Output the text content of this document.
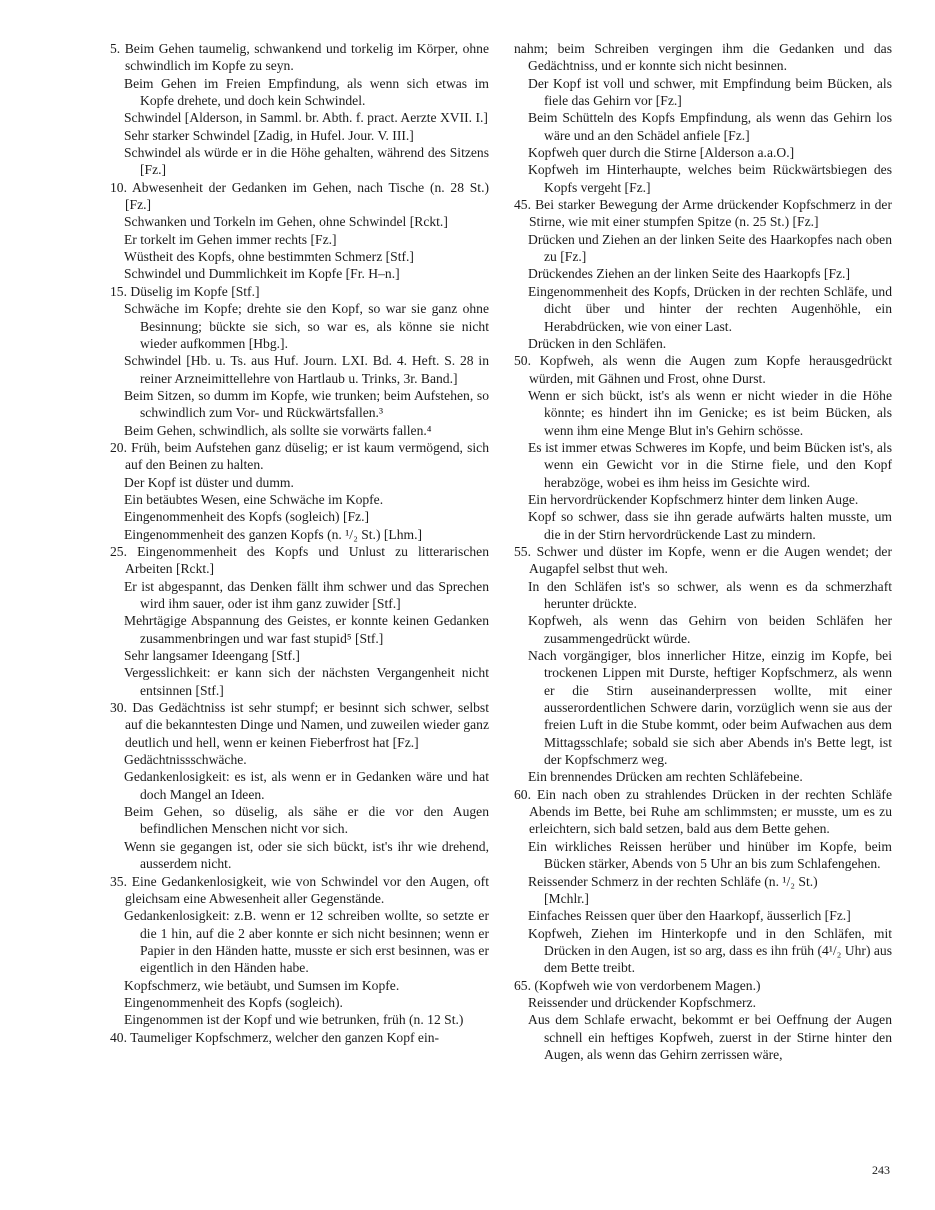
5. Beim Gehen taumelig, schwankend und torkelig im Körper, ohne schwindlich im Kopfe zu seyn.

Beim Gehen im Freien Empfindung, als wenn sich etwas im Kopfe drehete, und doch kein Schwindel.

Schwindel [Alderson, in Samml. br. Abth. f. pract. Aerzte XVII. I.]

Sehr starker Schwindel [Zadig, in Hufel. Jour. V. III.]

Schwindel als würde er in die Höhe gehalten, während des Sitzens [Fz.]

10. Abwesenheit der Gedanken im Gehen, nach Tische (n. 28 St.) [Fz.]

Schwanken und Torkeln im Gehen, ohne Schwindel [Rckt.]

Er torkelt im Gehen immer rechts [Fz.]

Wüstheit des Kopfs, ohne bestimmten Schmerz [Stf.]

Schwindel und Dummlichkeit im Kopfe [Fr. H–n.]

15. Düselig im Kopfe [Stf.]

Schwäche im Kopfe; drehte sie den Kopf, so war sie ganz ohne Besinnung; bückte sie sich, so war es, als könne sie nicht wieder aufkommen [Hbg.].

Schwindel [Hb. u. Ts. aus Huf. Journ. LXI. Bd. 4. Heft. S. 28 in reiner Arzneimittellehre von Hartlaub u. Trinks, 3r. Band.]

Beim Sitzen, so dumm im Kopfe, wie trunken; beim Aufstehen, so schwindlich zum Vor- und Rückwärtsfallen.³

Beim Gehen, schwindlich, als sollte sie vorwärts fallen.⁴

20. Früh, beim Aufstehen ganz düselig; er ist kaum vermögend, sich auf den Beinen zu halten.

Der Kopf ist düster und dumm.

Ein betäubtes Wesen, eine Schwäche im Kopfe.

Eingenommenheit des Kopfs (sogleich) [Fz.]

Eingenommenheit des ganzen Kopfs (n. ¹/₂ St.) [Lhm.]

25. Eingenommenheit des Kopfs und Unlust zu litterarischen Arbeiten [Rckt.]

Er ist abgespannt, das Denken fällt ihm schwer und das Sprechen wird ihm sauer, oder ist ihm ganz zuwider [Stf.]

Mehrtägige Abspannung des Geistes, er konnte keinen Gedanken zusammenbringen und war fast stupid⁵ [Stf.]

Sehr langsamer Ideengang [Stf.]

Vergesslichkeit: er kann sich der nächsten Vergangenheit nicht entsinnen [Stf.]

30. Das Gedächtniss ist sehr stumpf; er besinnt sich schwer, selbst auf die bekanntesten Dinge und Namen, und zuweilen wieder ganz deutlich und hell, wenn er keinen Fieberfrost hat [Fz.]

Gedächtnissschwäche.

Gedankenlosigkeit: es ist, als wenn er in Gedanken wäre und hat doch Mangel an Ideen.

Beim Gehen, so düselig, als sähe er die vor den Augen befindlichen Menschen nicht vor sich.

Wenn sie gegangen ist, oder sie sich bückt, ist's ihr wie drehend, ausserdem nicht.

35. Eine Gedankenlosigkeit, wie von Schwindel vor den Augen, oft gleichsam eine Abwesenheit aller Gegenstände.

Gedankenlosigkeit: z.B. wenn er 12 schreiben wollte, so setzte er die 1 hin, auf die 2 aber konnte er sich nicht besinnen; wenn er Papier in den Händen hatte, musste er sich erst besinnen, was er eigentlich in den Händen habe.

Kopfschmerz, wie betäubt, und Sumsen im Kopfe.

Eingenommenheit des Kopfs (sogleich).

Eingenommen ist der Kopf und wie betrunken, früh (n. 12 St.)

40. Taumeliger Kopfschmerz, welcher den ganzen Kopf ein-

nahm; beim Schreiben vergingen ihm die Gedanken und das Gedächtniss, und er konnte sich nicht besinnen.

Der Kopf ist voll und schwer, mit Empfindung beim Bücken, als fiele das Gehirn vor [Fz.]

Beim Schütteln des Kopfs Empfindung, als wenn das Gehirn los wäre und an den Schädel anfiele [Fz.]

Kopfweh quer durch die Stirne [Alderson a.a.O.]

Kopfweh im Hinterhaupte, welches beim Rückwärtsbiegen des Kopfs vergeht [Fz.]

45. Bei starker Bewegung der Arme drückender Kopfschmerz in der Stirne, wie mit einer stumpfen Spitze (n. 25 St.) [Fz.]

Drücken und Ziehen an der linken Seite des Haarkopfes nach oben zu [Fz.]

Drückendes Ziehen an der linken Seite des Haarkopfs [Fz.]

Eingenommenheit des Kopfs, Drücken in der rechten Schläfe, und dicht über und hinter der rechten Augenhöhle, ein Herabdrücken, wie von einer Last.

Drücken in den Schläfen.

50. Kopfweh, als wenn die Augen zum Kopfe herausgedrückt würden, mit Gähnen und Frost, ohne Durst.

Wenn er sich bückt, ist's als wenn er nicht wieder in die Höhe könnte; es hindert ihn im Genicke; es ist beim Bücken, als wenn ihm eine Menge Blut in's Gehirn schösse.

Es ist immer etwas Schweres im Kopfe, und beim Bücken ist's, als wenn ein Gewicht vor in die Stirne fiele, und den Kopf herabzöge, wobei es ihm heiss im Gesichte wird.

Ein hervordrückender Kopfschmerz hinter dem linken Auge.

Kopf so schwer, dass sie ihn gerade aufwärts halten musste, um die in der Stirn hervordrückende Last zu mindern.

55. Schwer und düster im Kopfe, wenn er die Augen wendet; der Augapfel selbst thut weh.

In den Schläfen ist's so schwer, als wenn es da schmerzhaft herunter drückte.

Kopfweh, als wenn das Gehirn von beiden Schläfen her zusammengedrückt würde.

Nach vorgängiger, blos innerlicher Hitze, einzig im Kopfe, bei trockenen Lippen mit Durste, heftiger Kopfschmerz, als wenn er die Stirn auseinanderpressen wollte, mit einer ausserordentlichen Schwere darin, vorzüglich wenn sie aus der freien Luft in die Stube kommt, oder beim Aufwachen aus dem Mittagsschlafe; sobald sie sich aber Abends in's Bette legt, ist der Kopfschmerz weg.

Ein brennendes Drücken am rechten Schläfebeine.

60. Ein nach oben zu strahlendes Drücken in der rechten Schläfe Abends im Bette, bei Ruhe am schlimmsten; er musste, um es zu erleichtern, sich bald setzen, bald aus dem Bette gehen.

Ein wirkliches Reissen herüber und hinüber im Kopfe, beim Bücken stärker, Abends von 5 Uhr an bis zum Schlafengehen.

Reissender Schmerz in der rechten Schläfe (n. ¹/₂ St.)

[Mchlr.]

Einfaches Reissen quer über den Haarkopf, äusserlich [Fz.]

Kopfweh, Ziehen im Hinterkopfe und in den Schläfen, mit Drücken in den Augen, ist so arg, dass es ihn früh (4¹/₂ Uhr) aus dem Bette treibt.

65. (Kopfweh wie von verdorbenem Magen.)

Reissender und drückender Kopfschmerz.

Aus dem Schlafe erwacht, bekommt er bei Oeffnung der Augen schnell ein heftiges Kopfweh, zuerst in der Stirne hinter den Augen, als wenn das Gehirn zerrissen wäre,

243
